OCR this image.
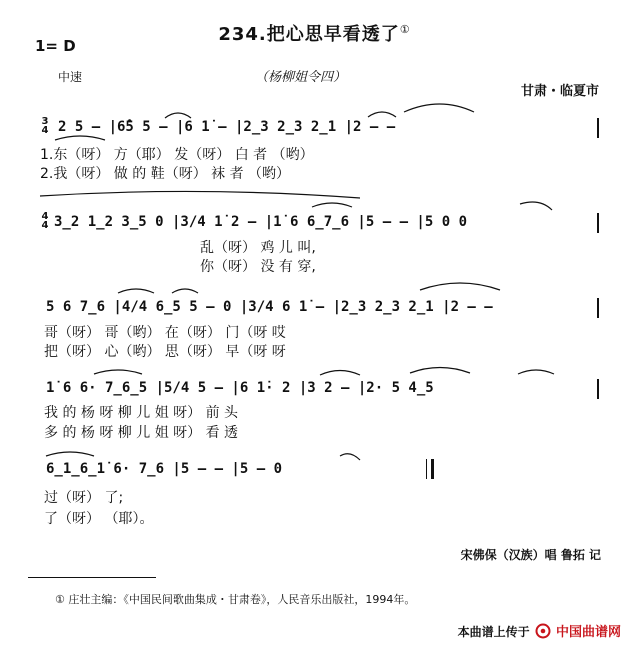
234.把心思早看透了①
1= D
中速	（杨柳姐令四）
甘肃・临夏市
3
4 2 5 — |6̂5 5 — |6 1̇ — |2̲3 2̲3 2̲1 |2 — —
1.东（呀） 方（耶） 发（呀） 白 者 （哟）
2.我（呀） 做 的 鞋（呀） 袜 者 （哟）
4
4 3̲2 1̲2 3̲5 0 |3/4 1̇ 2 — |1̇ 6 6̲7̲6 |5 — — |5 0 0
乱（呀） 鸡 儿 叫,
你（呀） 没 有 穿,
5 6 7̲6 |4/4 6̲5 5 — 0 |3/4 6 1̇ — |2̲3 2̲3 2̲1 |2 — —
哥（呀） 哥（哟） 在（呀） 门（呀 哎
把（呀） 心（哟） 思（呀） 早（呀 呀
1̇ 6 6· 7̲6̲5 |5/4 5 — |6 1̇· 2 |3 2 — |2· 5 4̲5
我 的 杨 呀 柳 儿 姐 呀） 前 头
多 的 杨 呀 柳 儿 姐 呀） 看 透
6̲1̲6̲1̇ 6· 7̲6 |5 — — |5 — 0
过（呀） 了;
了（呀） （耶）。
宋佛保（汉族）唱 鲁拓 记
① 庄壮主编：《中国民间歌曲集成・甘肃卷》，人民音乐出版社，1994年。
本曲谱上传于 中国曲谱网
